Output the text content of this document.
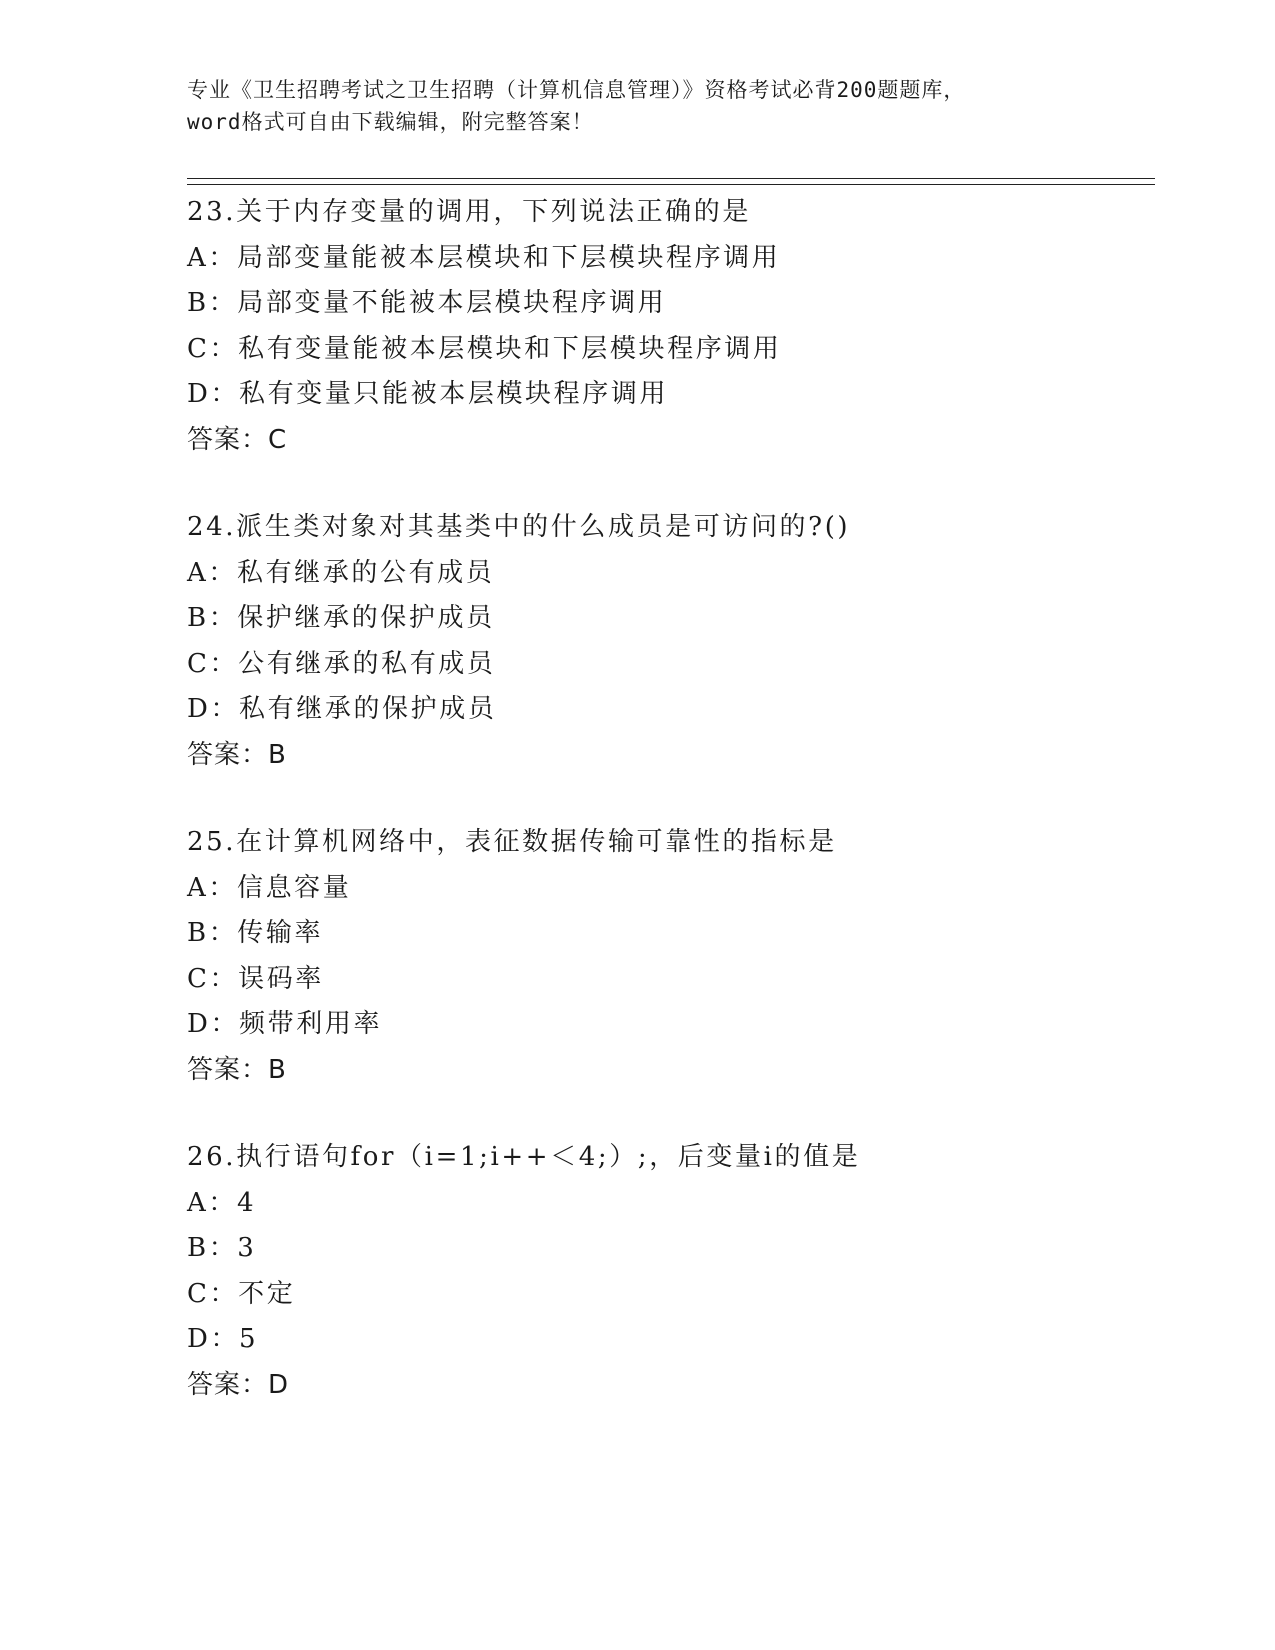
专业《卫生招聘考试之卫生招聘（计算机信息管理）》资格考试必背200题题库，
word格式可自由下载编辑，附完整答案！
23.关于内存变量的调用，下列说法正确的是
A：局部变量能被本层模块和下层模块程序调用
B：局部变量不能被本层模块程序调用
C：私有变量能被本层模块和下层模块程序调用
D：私有变量只能被本层模块程序调用
答案：C
24.派生类对象对其基类中的什么成员是可访问的?()
A：私有继承的公有成员
B：保护继承的保护成员
C：公有继承的私有成员
D：私有继承的保护成员
答案：B
25.在计算机网络中，表征数据传输可靠性的指标是
A：信息容量
B：传输率
C：误码率
D：频带利用率
答案：B
26.执行语句for（i=1;i++＜4;）;，后变量i的值是
A：4
B：3
C：不定
D：5
答案：D
